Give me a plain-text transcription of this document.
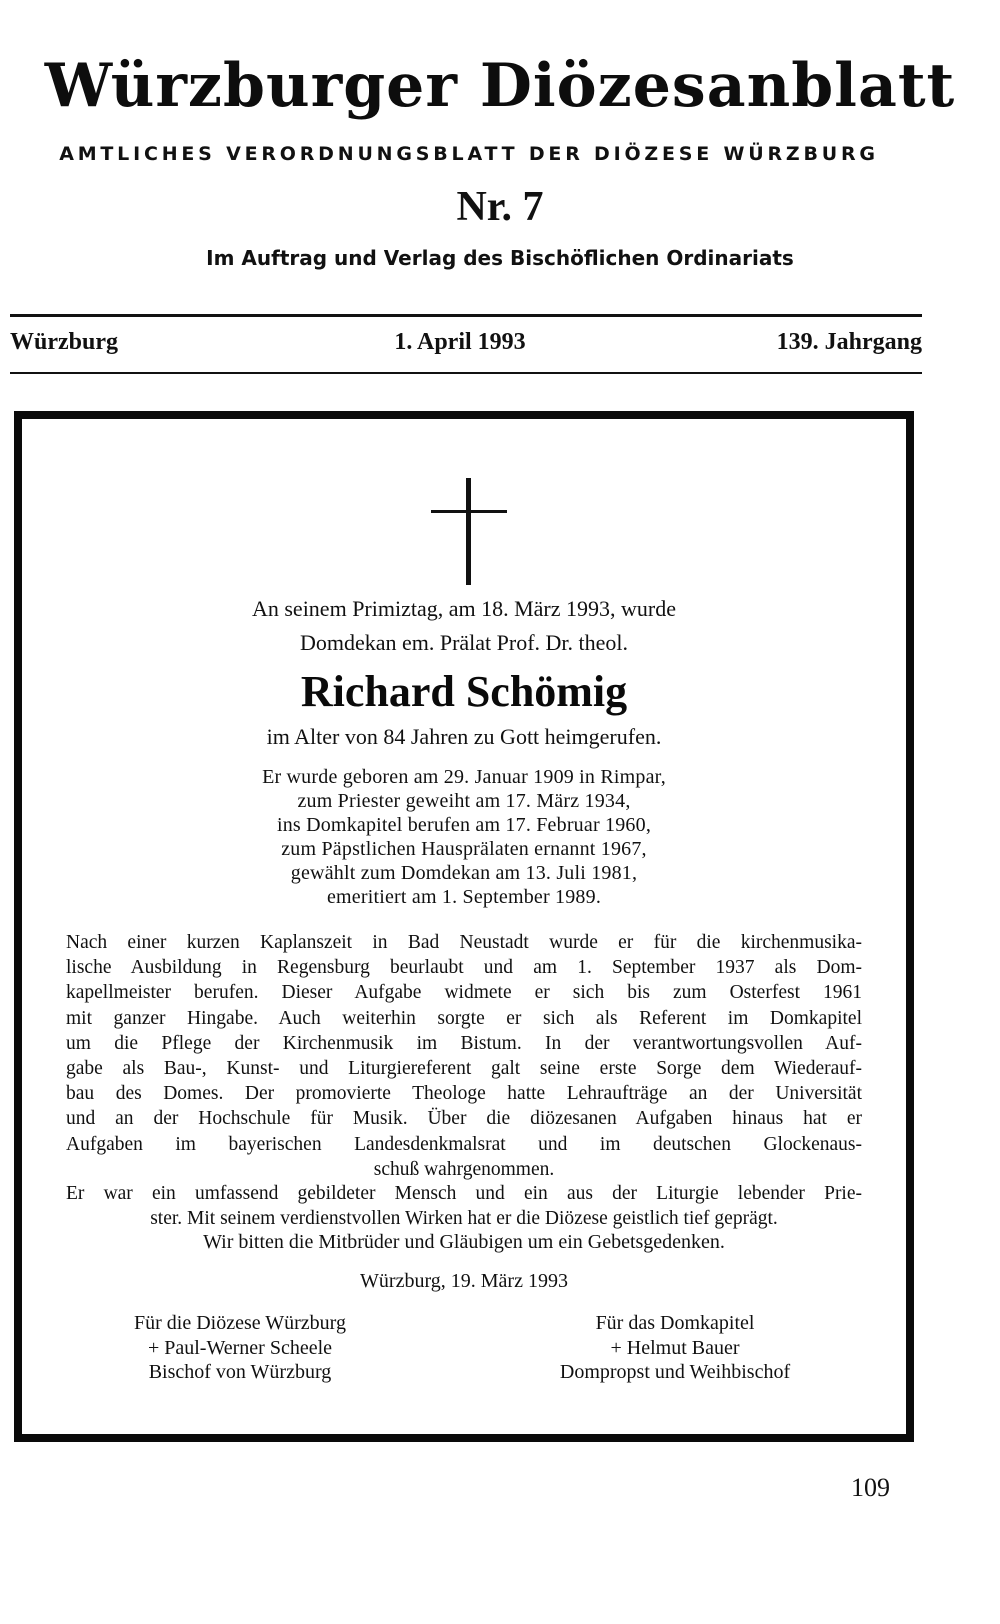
Würzburger Diözesanblatt
AMTLICHES VERORDNUNGSBLATT DER DIÖZESE WÜRZBURG
Nr. 7
Im Auftrag und Verlag des Bischöflichen Ordinariats
Würzburg	1. April 1993	139. Jahrgang
An seinem Primiztag, am 18. März 1993, wurde
Domdekan em. Prälat Prof. Dr. theol.
Richard Schömig
im Alter von 84 Jahren zu Gott heimgerufen.
Er wurde geboren am 29. Januar 1909 in Rimpar,
zum Priester geweiht am 17. März 1934,
ins Domkapitel berufen am 17. Februar 1960,
zum Päpstlichen Hausprälaten ernannt 1967,
gewählt zum Domdekan am 13. Juli 1981,
emeritiert am 1. September 1989.
Nach einer kurzen Kaplanszeit in Bad Neustadt wurde er für die kirchenmusika-
lische Ausbildung in Regensburg beurlaubt und am 1. September 1937 als Dom-
kapellmeister berufen. Dieser Aufgabe widmete er sich bis zum Osterfest 1961
mit ganzer Hingabe. Auch weiterhin sorgte er sich als Referent im Domkapitel
um die Pflege der Kirchenmusik im Bistum. In der verantwortungsvollen Auf-
gabe als Bau-, Kunst- und Liturgiereferent galt seine erste Sorge dem Wiederauf-
bau des Domes. Der promovierte Theologe hatte Lehraufträge an der Universität
und an der Hochschule für Musik. Über die diözesanen Aufgaben hinaus hat er
Aufgaben im bayerischen Landesdenkmalsrat und im deutschen Glockenaus-
schuß wahrgenommen.
Er war ein umfassend gebildeter Mensch und ein aus der Liturgie lebender Prie-
ster. Mit seinem verdienstvollen Wirken hat er die Diözese geistlich tief geprägt.
Wir bitten die Mitbrüder und Gläubigen um ein Gebetsgedenken.
Würzburg, 19. März 1993
Für die Diözese Würzburg
+ Paul-Werner Scheele
Bischof von Würzburg
Für das Domkapitel
+ Helmut Bauer
Dompropst und Weihbischof
109
